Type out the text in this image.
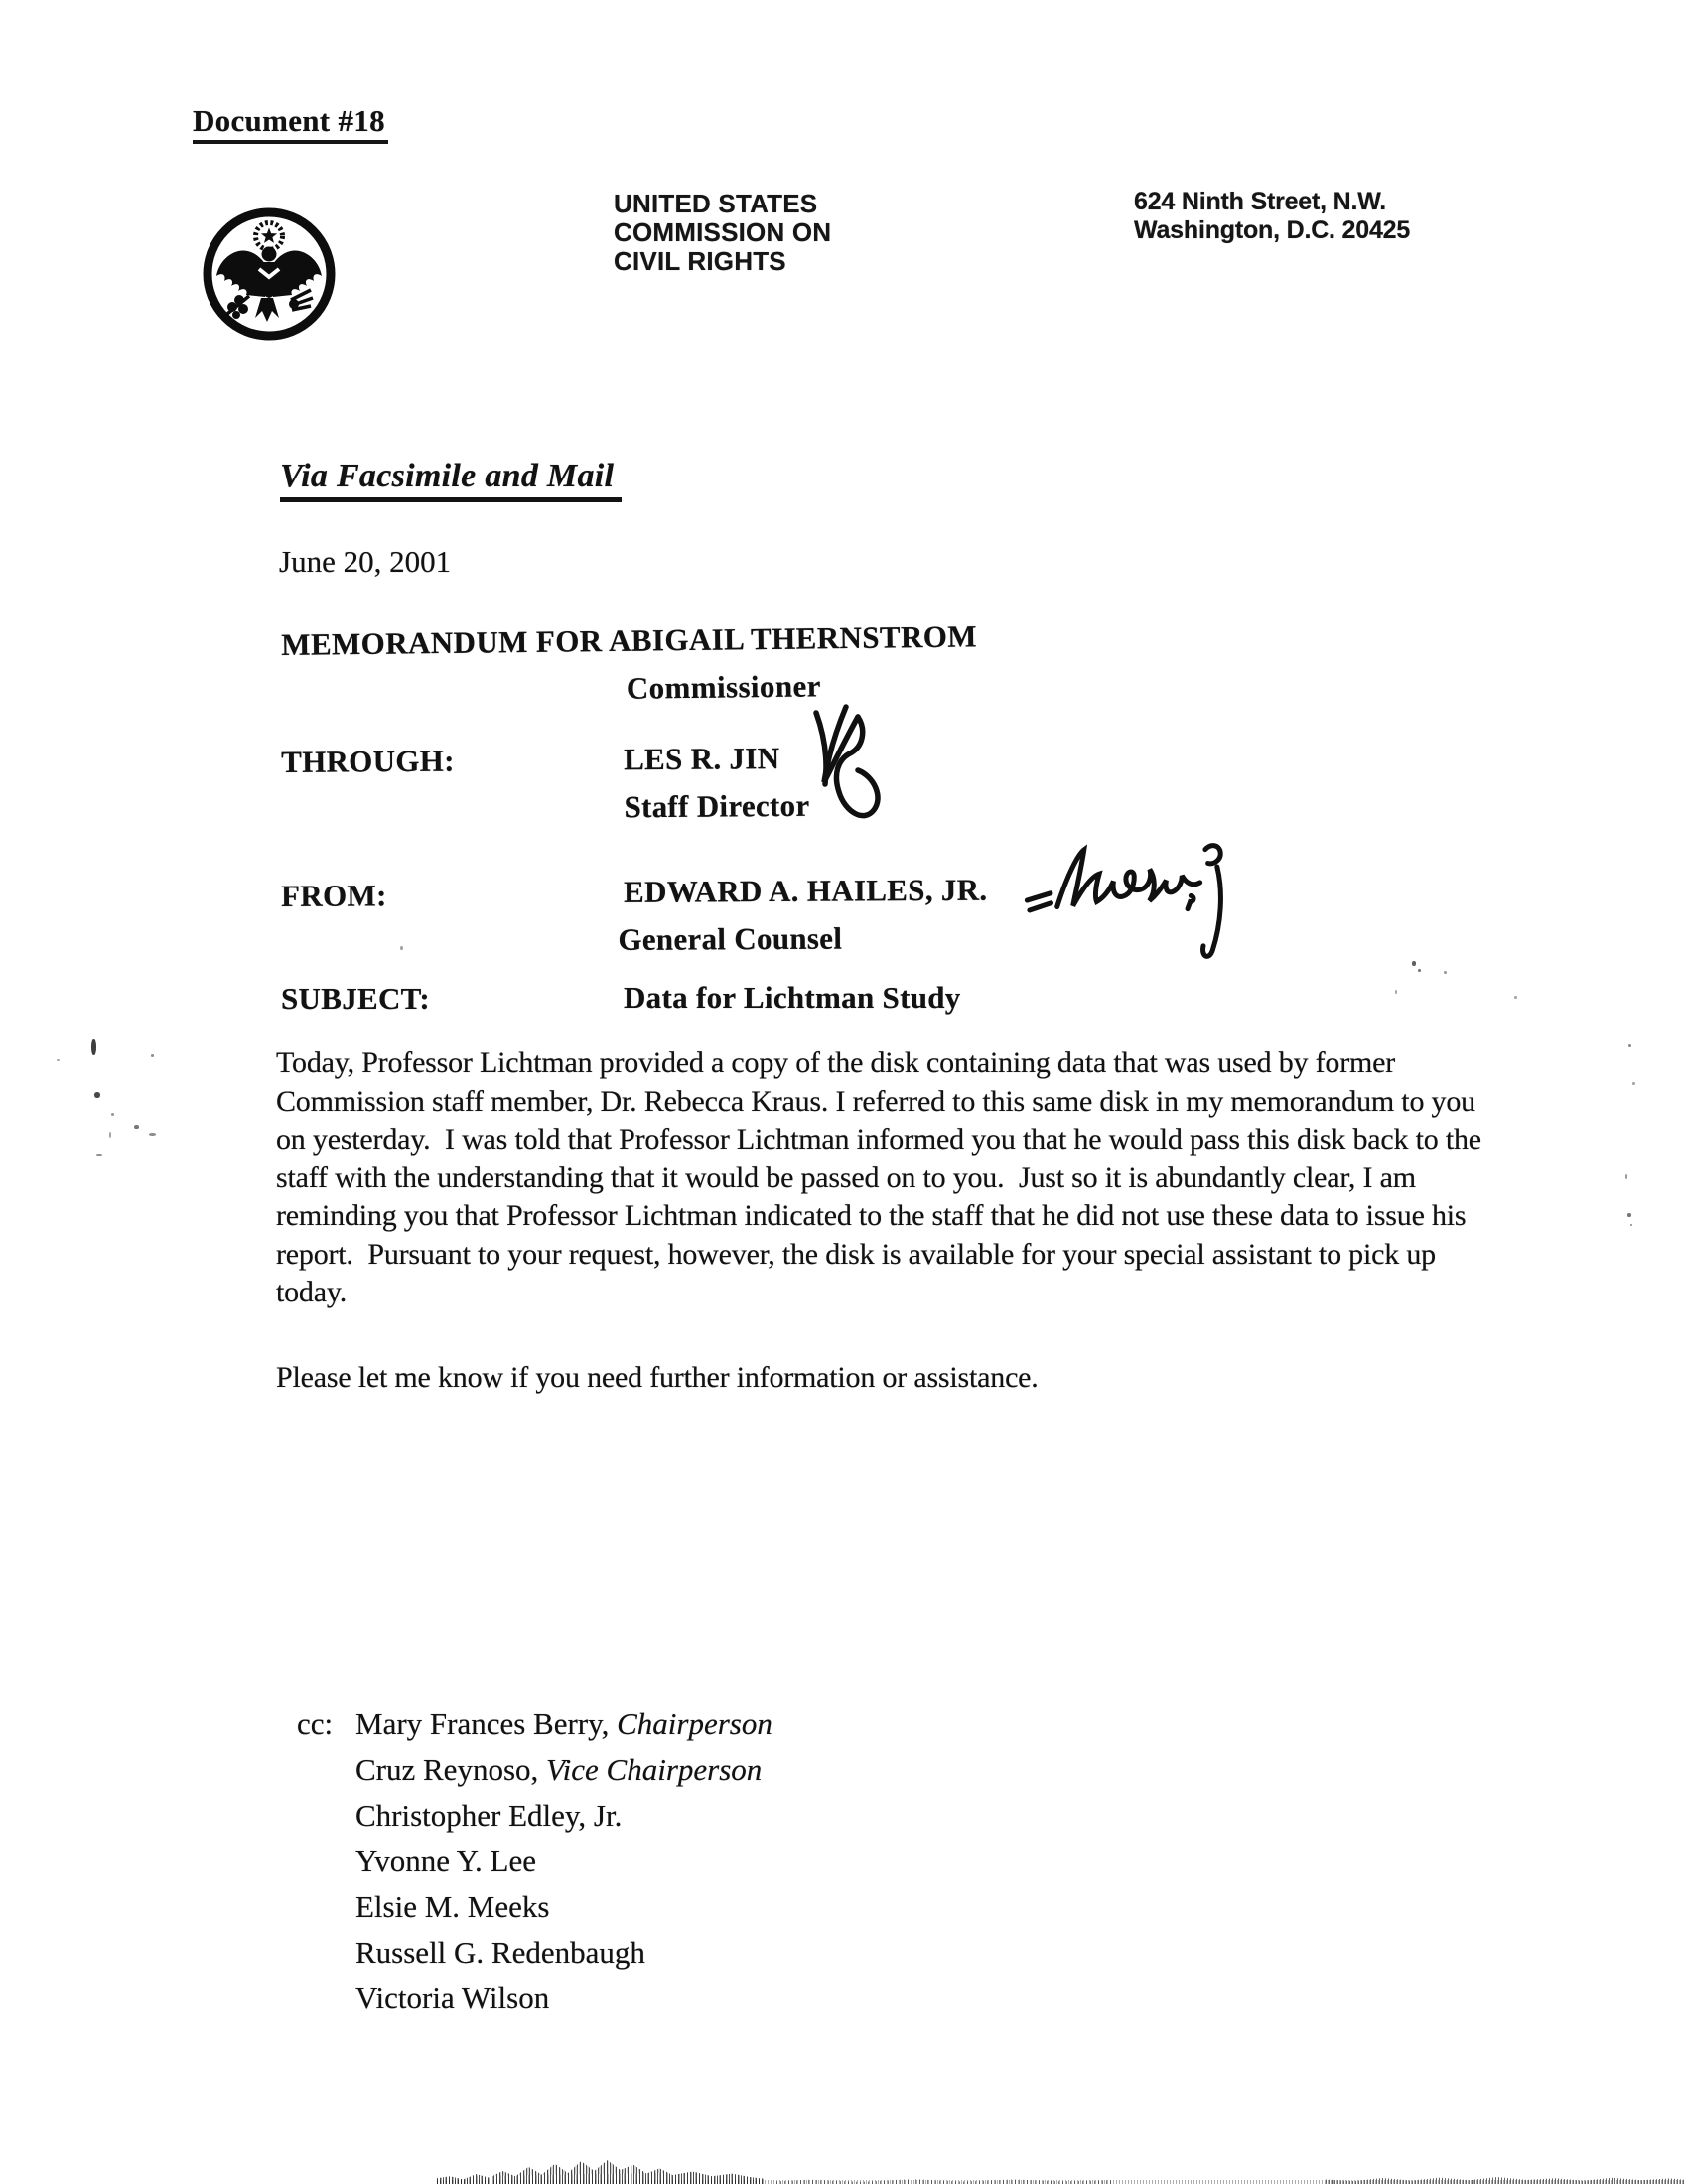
Document #18
UNITED STATES
COMMISSION ON
CIVIL RIGHTS
624 Ninth Street, N.W.
Washington, D.C. 20425
Via Facsimile and Mail
June 20, 2001
MEMORANDUM FOR ABIGAIL THERNSTROM
Commissioner
THROUGH:	LES R. JIN
Staff Director
FROM:	EDWARD A. HAILES, JR.
General Counsel
SUBJECT:	Data for Lichtman Study

Today, Professor Lichtman provided a copy of the disk containing data that was used by former Commission staff member, Dr. Rebecca Kraus. I referred to this same disk in my memorandum to you on yesterday.  I was told that Professor Lichtman informed you that he would pass this disk back to the staff with the understanding that it would be passed on to you.  Just so it is abundantly clear, I am reminding you that Professor Lichtman indicated to the staff that he did not use these data to issue his report.  Pursuant to your request, however, the disk is available for your special assistant to pick up today.

Please let me know if you need further information or assistance.

cc: Mary Frances Berry, Chairperson
Cruz Reynoso, Vice Chairperson
Christopher Edley, Jr.
Yvonne Y. Lee
Elsie M. Meeks
Russell G. Redenbaugh
Victoria Wilson
